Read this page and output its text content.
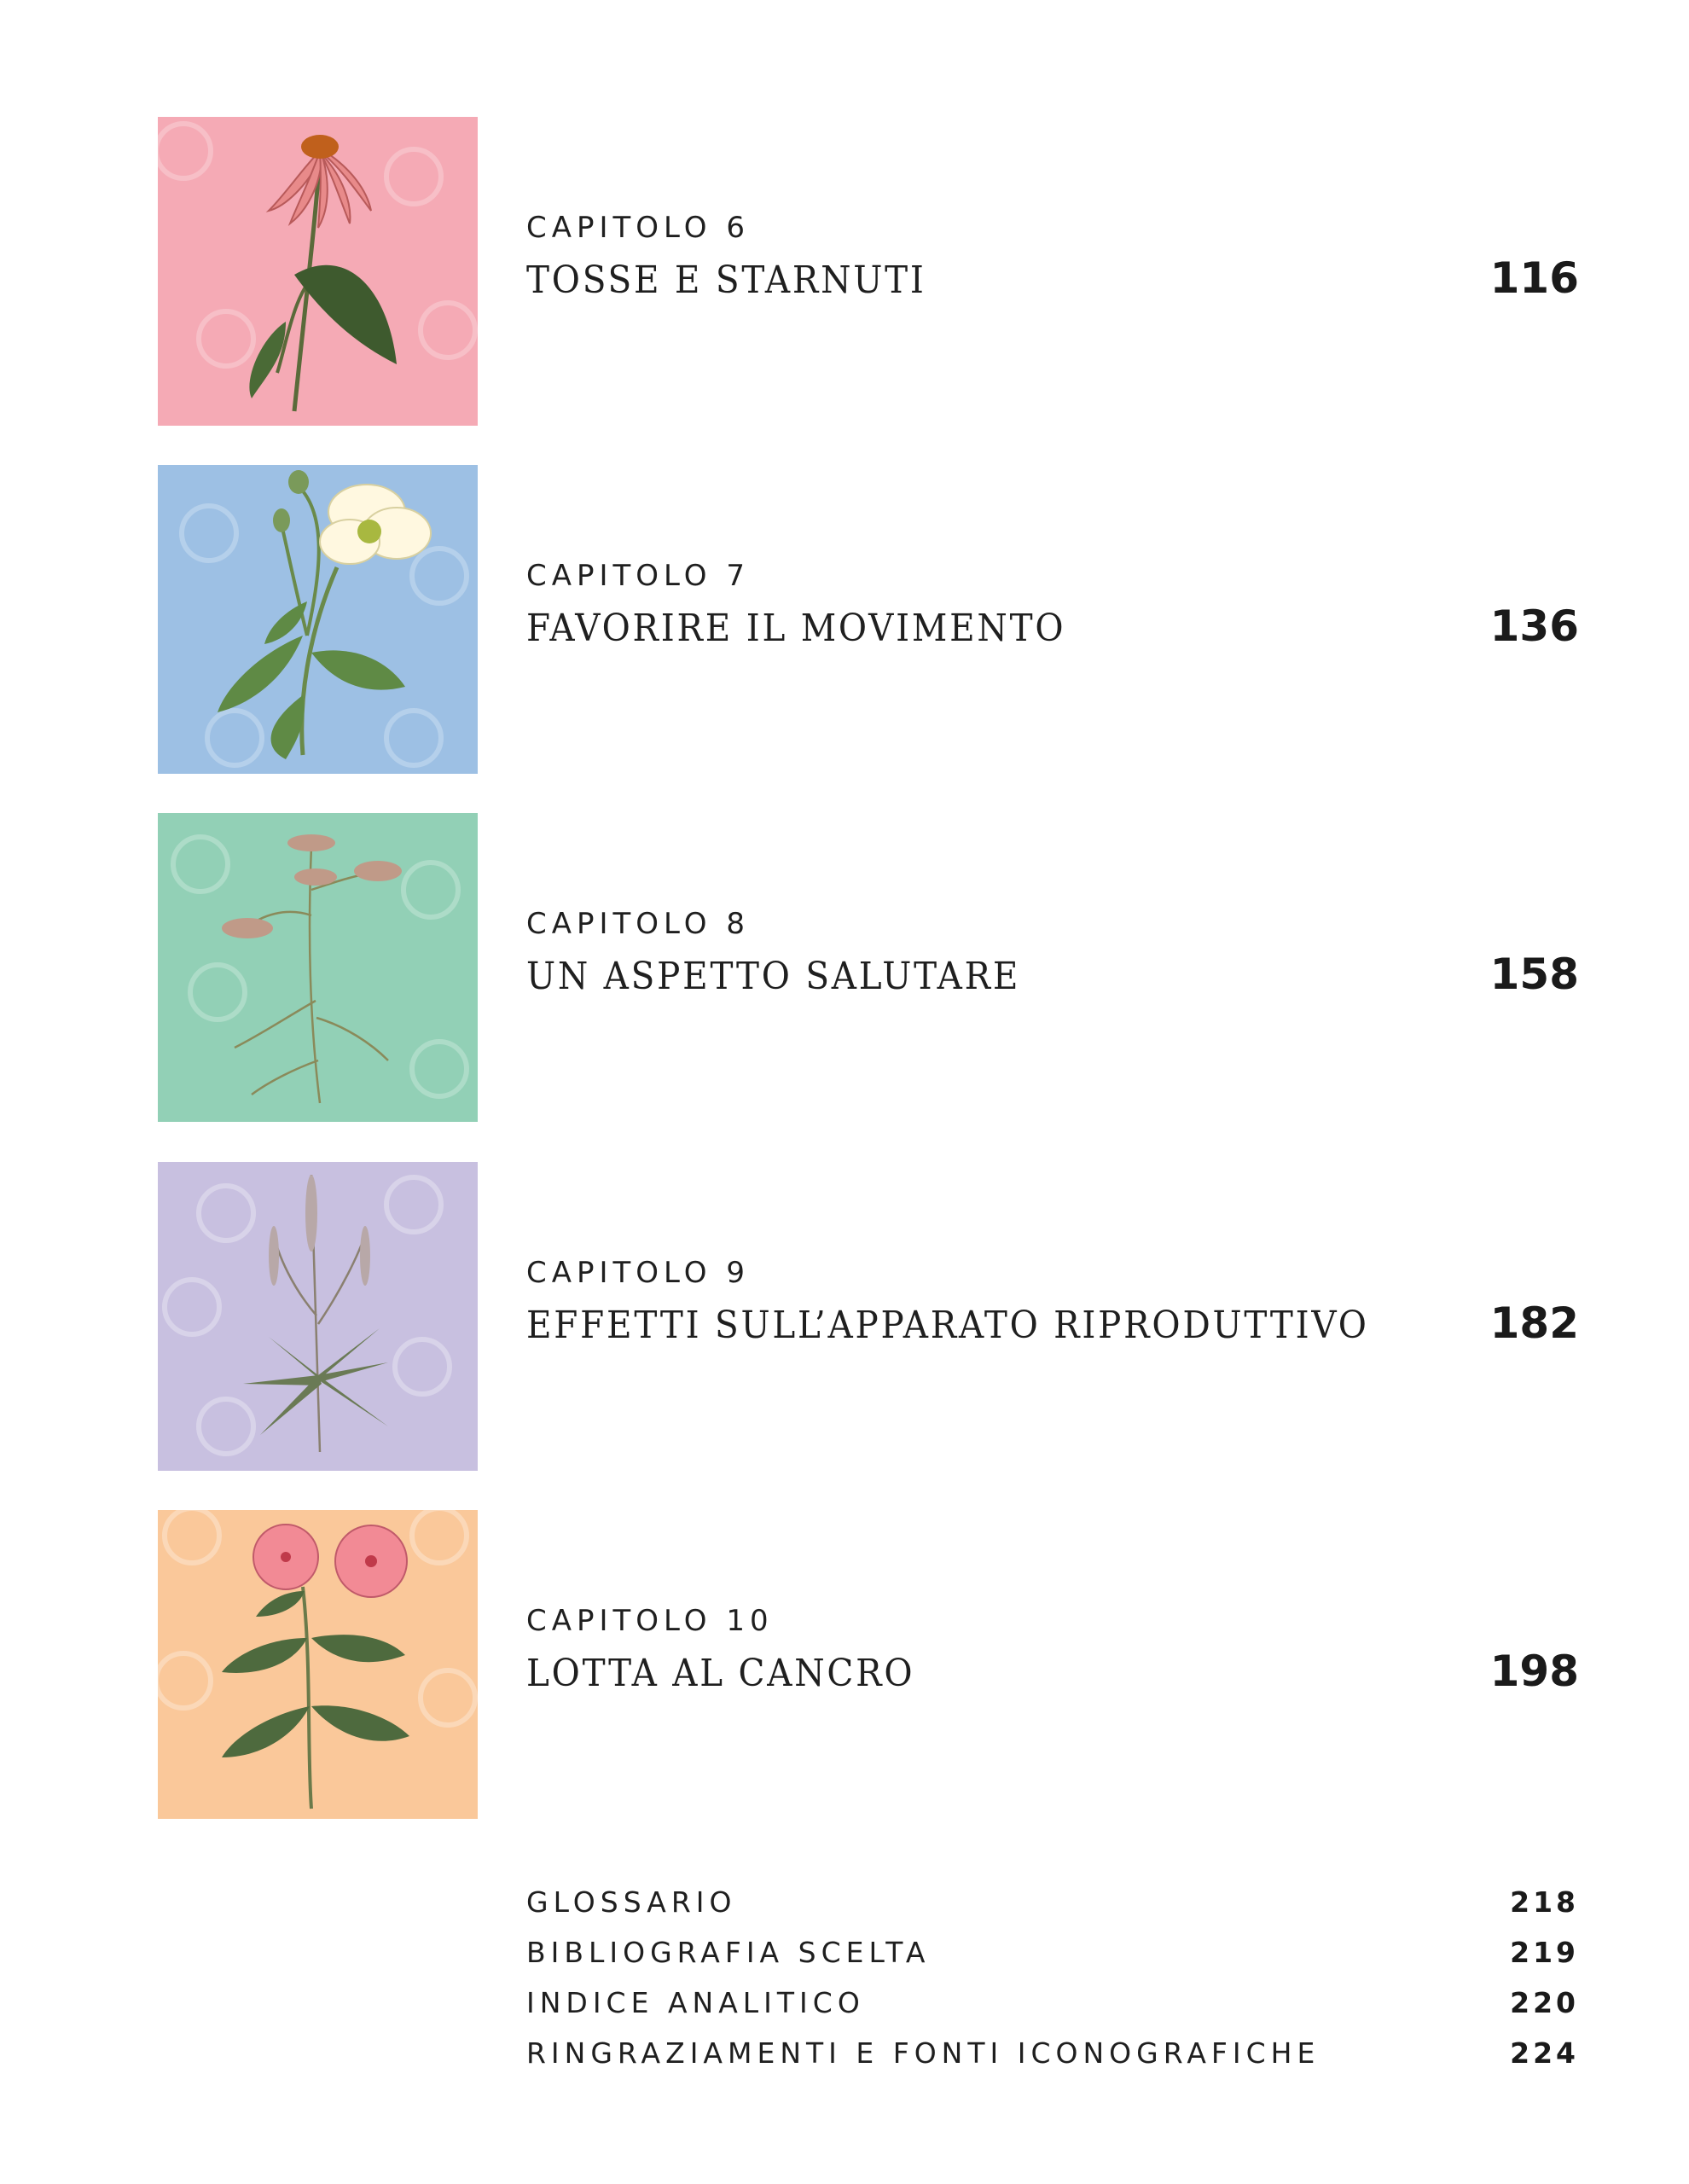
CAPITOLO 6
TOSSE E STARNUTI	116
CAPITOLO 7
FAVORIRE IL MOVIMENTO	136
CAPITOLO 8
UN ASPETTO SALUTARE	158
CAPITOLO 9
EFFETTI SULL’APPARATO RIPRODUTTIVO	182
CAPITOLO 10
LOTTA AL CANCRO	198
GLOSSARIO	218
BIBLIOGRAFIA SCELTA	219
INDICE ANALITICO	220
RINGRAZIAMENTI E FONTI ICONOGRAFICHE	224
